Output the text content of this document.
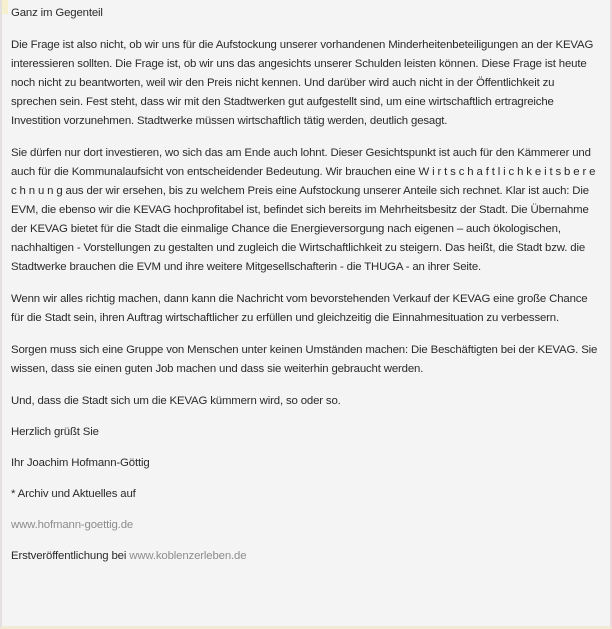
Ganz im Gegenteil

Die Frage ist also nicht, ob wir uns für die Aufstockung unserer vorhandenen Minderheitenbeteiligungen an der KEVAG interessieren sollten. Die Frage ist, ob wir uns das angesichts unserer Schulden leisten können. Diese Frage ist heute noch nicht zu beantworten, weil wir den Preis nicht kennen. Und darüber wird auch nicht in der Öffentlichkeit zu sprechen sein. Fest steht, dass wir mit den Stadtwerken gut aufgestellt sind, um eine wirtschaftlich ertragreiche Investition vorzunehmen. Stadtwerke müssen wirtschaftlich tätig werden, deutlich gesagt.

Sie dürfen nur dort investieren, wo sich das am Ende auch lohnt. Dieser Gesichtspunkt ist auch für den Kämmerer und auch für die Kommunalaufsicht von entscheidender Bedeutung. Wir brauchen eine W i r t s c h a f t l i c h k e i t s b e r e c h n u n g aus der wir ersehen, bis zu welchem Preis eine Aufstockung unserer Anteile sich rechnet. Klar ist auch: Die EVM, die ebenso wir die KEVAG hochprofitabel ist, befindet sich bereits im Mehrheitsbesitz der Stadt. Die Übernahme der KEVAG bietet für die Stadt die einmalige Chance die Energieversorgung nach eigenen – auch ökologischen, nachhaltigen - Vorstellungen zu gestalten und zugleich die Wirtschaftlichkeit zu steigern. Das heißt, die Stadt bzw. die Stadtwerke brauchen die EVM und ihre weitere Mitgesellschafterin - die THUGA - an ihrer Seite.

Wenn wir alles richtig machen, dann kann die Nachricht vom bevorstehenden Verkauf der KEVAG eine große Chance für die Stadt sein, ihren Auftrag wirtschaftlicher zu erfüllen und gleichzeitig die Einnahmesituation zu verbessern.

Sorgen muss sich eine Gruppe von Menschen unter keinen Umständen machen: Die Beschäftigten bei der KEVAG. Sie wissen, dass sie einen guten Job machen und dass sie weiterhin gebraucht werden.

Und, dass die Stadt sich um die KEVAG kümmern wird, so oder so.

Herzlich grüßt Sie

Ihr Joachim Hofmann-Göttig

* Archiv und Aktuelles auf

www.hofmann-goettig.de

Erstveröffentlichung bei www.koblenzerleben.de
